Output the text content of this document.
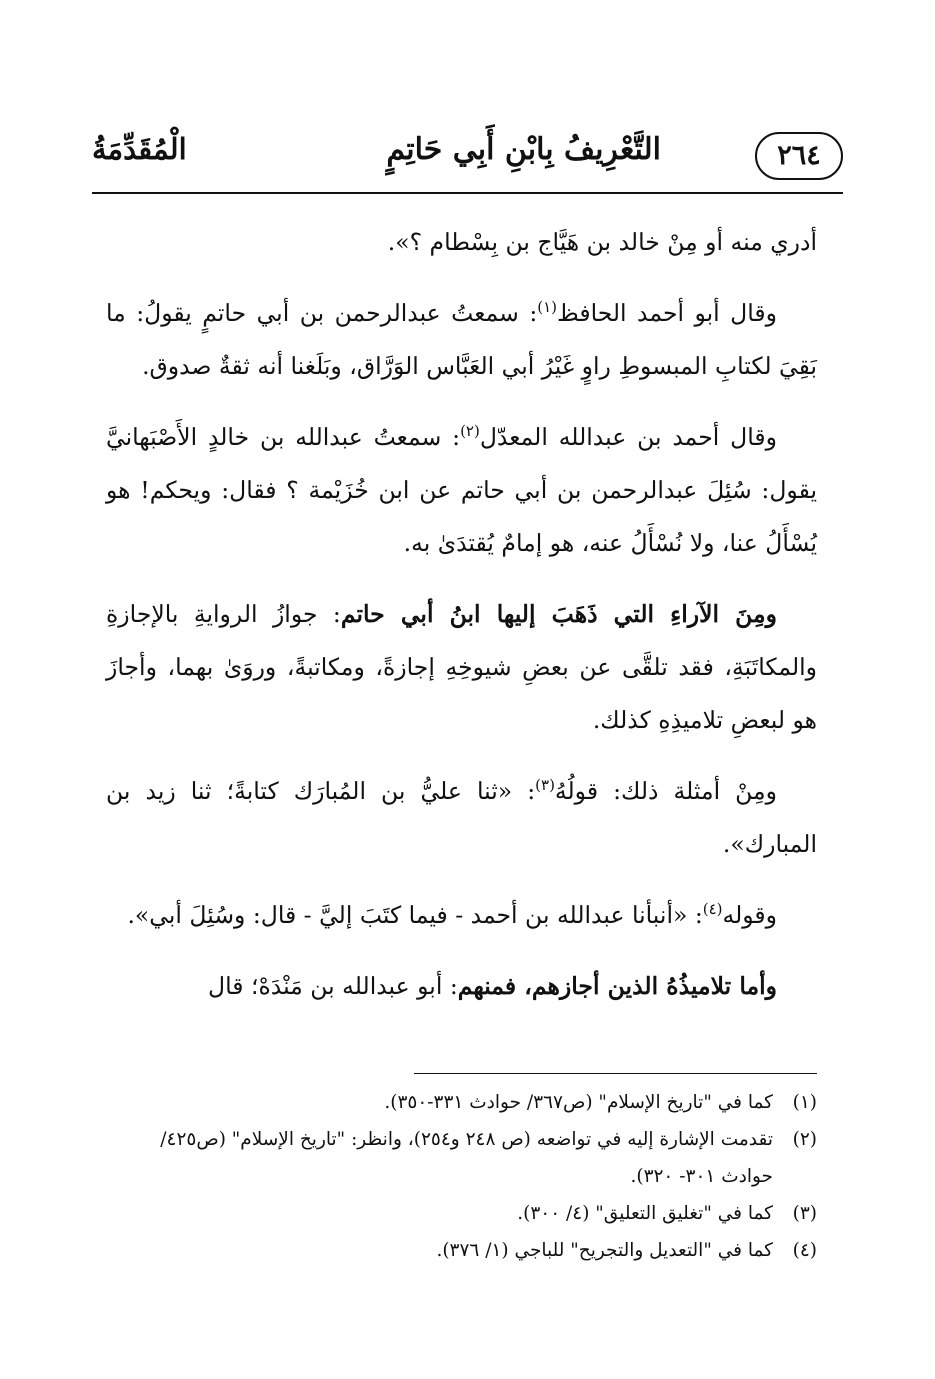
٢٦٤
التَّعْرِيفُ بِابْنِ أَبِي حَاتِمٍ
الْمُقَدِّمَةُ

أدري منه أو مِنْ خالد بن هَيَّاج بن بِسْطام ؟».

وقال أبو أحمد الحافظ$^{(١)}$: سمعتُ عبدالرحمن بن أبي حاتمٍ يقولُ: ما بَقِيَ لكتابِ المبسوطِ راوٍ غَيْرُ أبي العَبَّاس الوَرَّاق، وبَلَغنا أنه ثقةٌ صدوق.

وقال أحمد بن عبدالله المعدّل$^{(٢)}$: سمعتُ عبدالله بن خالدٍ الأَصْبَهانيَّ يقول: سُئِلَ عبدالرحمن بن أبي حاتم عن ابن خُزَيْمة ؟ فقال: ويحكم! هو يُسْأَلُ عنا، ولا نُسْأَلُ عنه، هو إمامٌ يُقتدَىٰ به.

ومِنَ الآراءِ التي ذَهَبَ إليها ابنُ أبي حاتم: جوازُ الروايةِ بالإجازةِ والمكاتَبَةِ، فقد تلقَّى عن بعضِ شيوخِهِ إجازةً، ومكاتبةً، وروَىٰ بهما، وأجازَ هو لبعضِ تلاميذِهِ كذلك.

ومِنْ أمثلة ذلك: قولُهُ$^{(٣)}$: «ثنا عليُّ بن المُبارَك كتابةً؛ ثنا زيد بن المبارك».

وقوله$^{(٤)}$: «أنبأنا عبدالله بن أحمد - فيما كتَبَ إليَّ - قال: وسُئِلَ أبي».

وأما تلاميذُهُ الذين أجازهم، فمنهم: أبو عبدالله بن مَنْدَهْ؛ قال

(١)
كما في "تاريخ الإسلام" (ص٣٦٧/ حوادث ٣٣١-٣٥٠).
(٢)
تقدمت الإشارة إليه في تواضعه (ص ٢٤٨ و٢٥٤)، وانظر: "تاريخ الإسلام" (ص٤٢٥/ حوادث ٣٠١- ٣٢٠).
(٣)
كما في "تغليق التعليق" (٤/ ٣٠٠).
(٤)
كما في "التعديل والتجريح" للباجي (١/ ٣٧٦).
